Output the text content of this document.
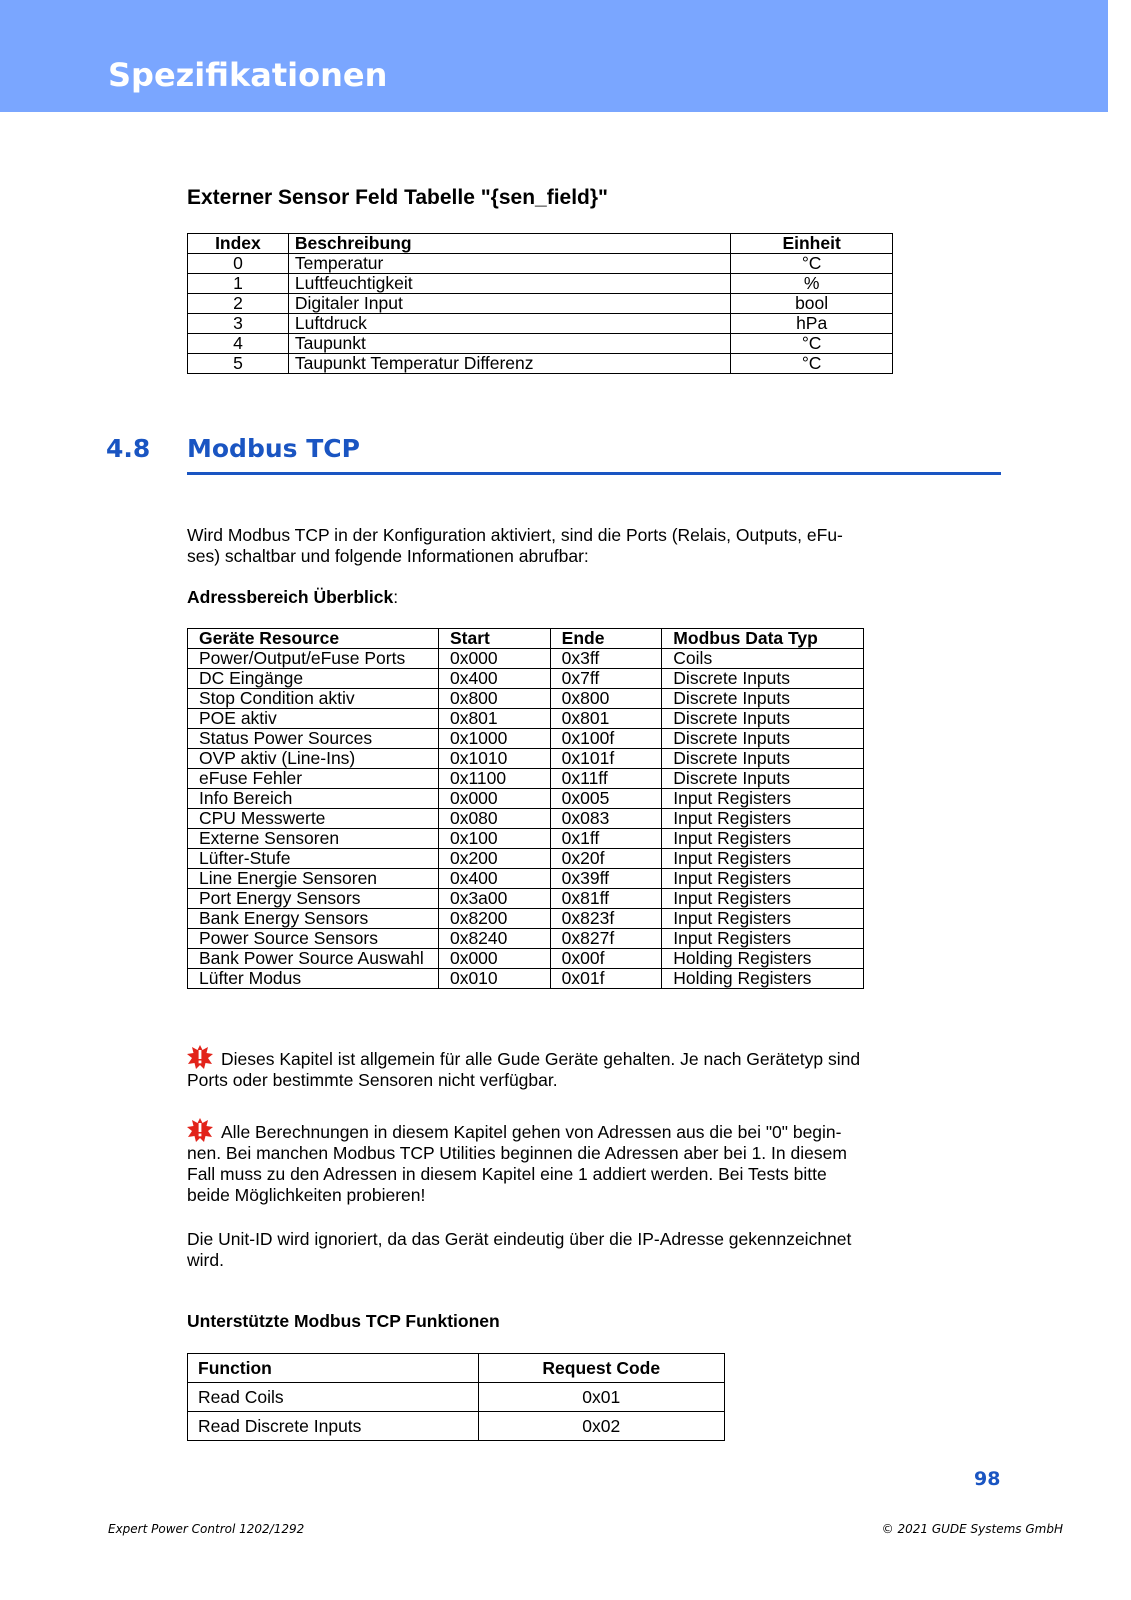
Spezifikationen
Externer Sensor Feld Tabelle "{sen_field}"
Index	Beschreibung	Einheit
0	Temperatur	°C
1	Luftfeuchtigkeit	%
2	Digitaler Input	bool
3	Luftdruck	hPa
4	Taupunkt	°C
5	Taupunkt Temperatur Differenz	°C
4.8 Modbus TCP
Wird Modbus TCP in der Konfiguration aktiviert, sind die Ports (Relais, Outputs, eFu-
ses) schaltbar und folgende Informationen abrufbar:
Adressbereich Überblick:
Geräte Resource	Start	Ende	Modbus Data Typ
Power/Output/eFuse Ports	0x000	0x3ff	Coils
DC Eingänge	0x400	0x7ff	Discrete Inputs
Stop Condition aktiv	0x800	0x800	Discrete Inputs
POE aktiv	0x801	0x801	Discrete Inputs
Status Power Sources	0x1000	0x100f	Discrete Inputs
OVP aktiv (Line-Ins)	0x1010	0x101f	Discrete Inputs
eFuse Fehler	0x1100	0x11ff	Discrete Inputs
Info Bereich	0x000	0x005	Input Registers
CPU Messwerte	0x080	0x083	Input Registers
Externe Sensoren	0x100	0x1ff	Input Registers
Lüfter-Stufe	0x200	0x20f	Input Registers
Line Energie Sensoren	0x400	0x39ff	Input Registers
Port Energy Sensors	0x3a00	0x81ff	Input Registers
Bank Energy Sensors	0x8200	0x823f	Input Registers
Power Source Sensors	0x8240	0x827f	Input Registers
Bank Power Source Auswahl	0x000	0x00f	Holding Registers
Lüfter Modus	0x010	0x01f	Holding Registers
Dieses Kapitel ist allgemein für alle Gude Geräte gehalten. Je nach Gerätetyp sind
Ports oder bestimmte Sensoren nicht verfügbar.
Alle Berechnungen in diesem Kapitel gehen von Adressen aus die bei "0" begin-
nen. Bei manchen Modbus TCP Utilities beginnen die Adressen aber bei 1. In diesem
Fall muss zu den Adressen in diesem Kapitel eine 1 addiert werden. Bei Tests bitte
beide Möglichkeiten probieren!
Die Unit-ID wird ignoriert, da das Gerät eindeutig über die IP-Adresse gekennzeichnet
wird.
Unterstützte Modbus TCP Funktionen
Function	Request Code
Read Coils	0x01
Read Discrete Inputs	0x02
98
Expert Power Control 1202/1292	© 2021 GUDE Systems GmbH
